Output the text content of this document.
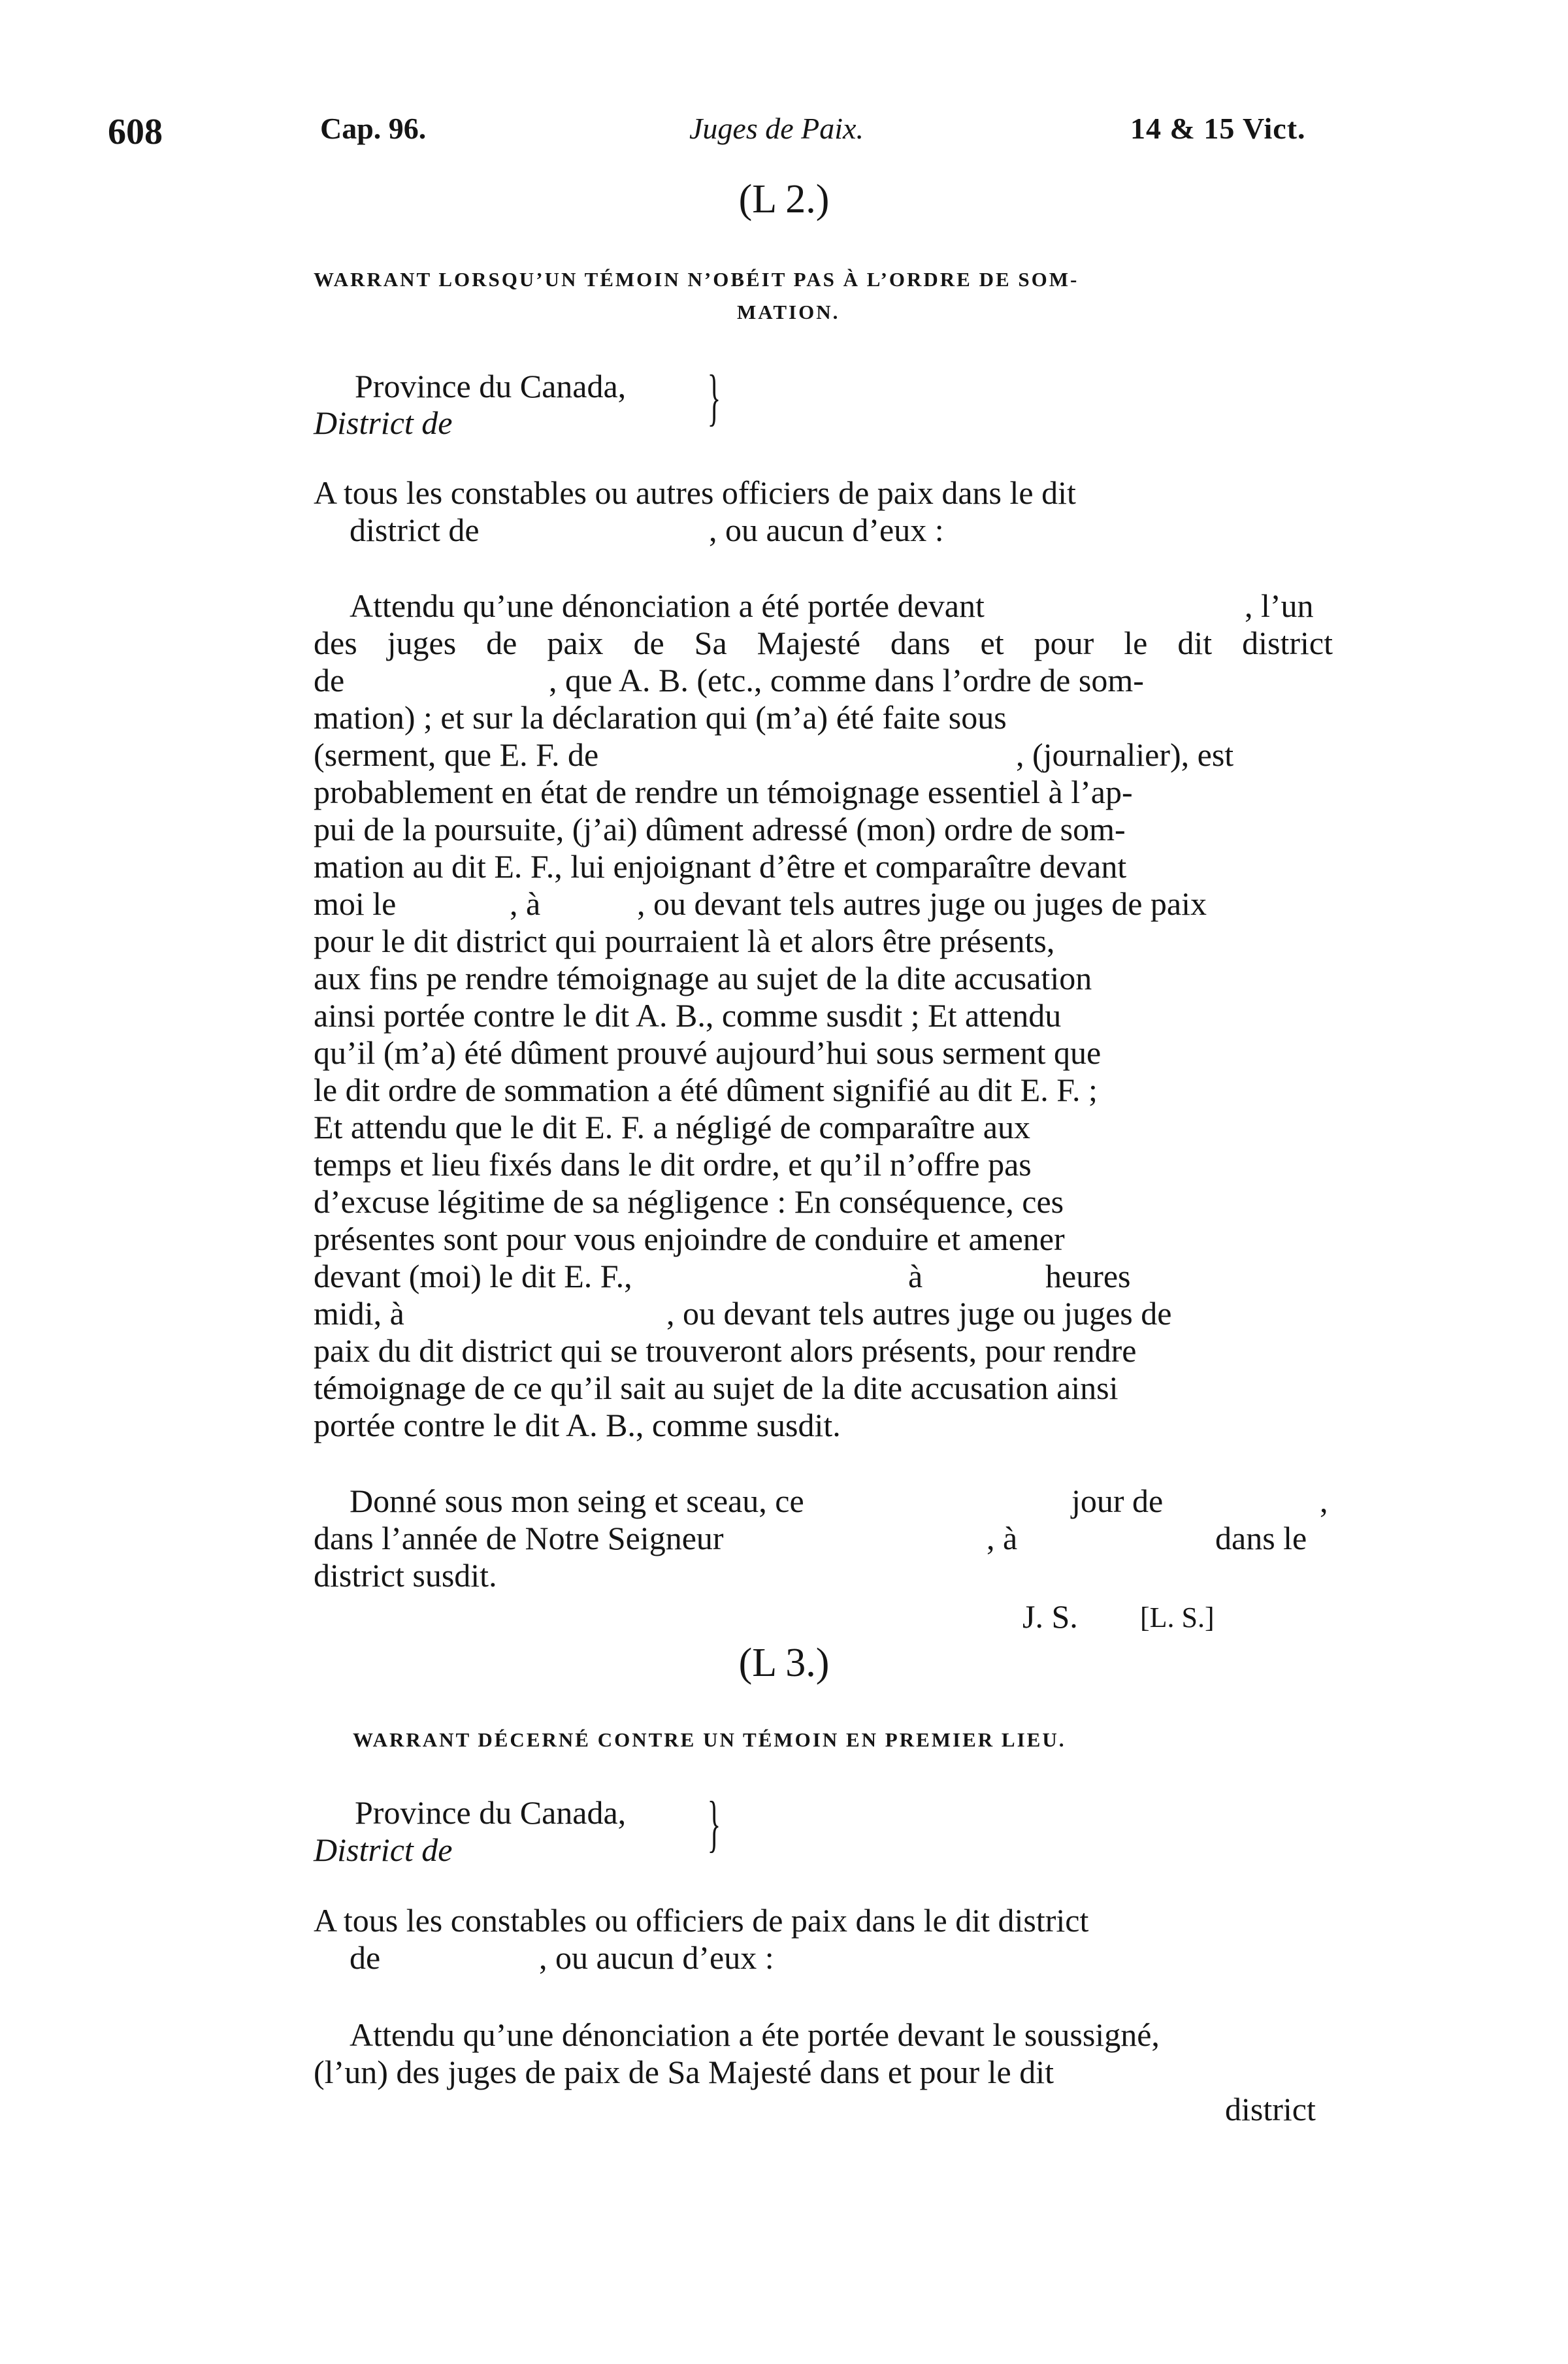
608	Cap. 96.	Juges de Paix.	14 & 15 Vict.
(L 2.)
WARRANT LORSQU’UN TÉMOIN N’OBÉIT PAS À L’ORDRE DE SOM-
MATION.
Province du Canada,
District de	}
A tous les constables ou autres officiers de paix dans le dit
district de	, ou aucun d’eux :
Attendu qu’une dénonciation a été portée devant	, l’un
des juges de paix de Sa Majesté dans et pour le dit district
de	, que A. B. (etc., comme dans l’ordre de som-
mation) ; et sur la déclaration qui (m’a) été faite sous
(serment, que E. F. de	, (journalier), est
probablement en état de rendre un témoignage essentiel à l’ap-
pui de la poursuite, (j’ai) dûment adressé (mon) ordre de som-
mation au dit E. F., lui enjoignant d’être et comparaître devant
moi le	, à	, ou devant tels autres juge ou juges de paix
pour le dit district qui pourraient là et alors être présents,
aux fins pe rendre témoignage au sujet de la dite accusation
ainsi portée contre le dit A. B., comme susdit ; Et attendu
qu’il (m’a) été dûment prouvé aujourd’hui sous serment que
le dit ordre de sommation a été dûment signifié au dit E. F. ;
Et attendu que le dit E. F. a négligé de comparaître aux
temps et lieu fixés dans le dit ordre, et qu’il n’offre pas
d’excuse légitime de sa négligence : En conséquence, ces
présentes sont pour vous enjoindre de conduire et amener
devant (moi) le dit E. F.,	à	heures
midi, à	, ou devant tels autres juge ou juges de
paix du dit district qui se trouveront alors présents, pour rendre
témoignage de ce qu’il sait au sujet de la dite accusation ainsi
portée contre le dit A. B., comme susdit.
Donné sous mon seing et sceau, ce	jour de	,
dans l’année de Notre Seigneur	, à	dans le
district susdit.
J. S. [L. S.]
(L 3.)
WARRANT DÉCERNÉ CONTRE UN TÉMOIN EN PREMIER LIEU.
Province du Canada,
District de	}
A tous les constables ou officiers de paix dans le dit district
de	, ou aucun d’eux :
Attendu qu’une dénonciation a éte portée devant le soussigné,
(l’un) des juges de paix de Sa Majesté dans et pour le dit
district
